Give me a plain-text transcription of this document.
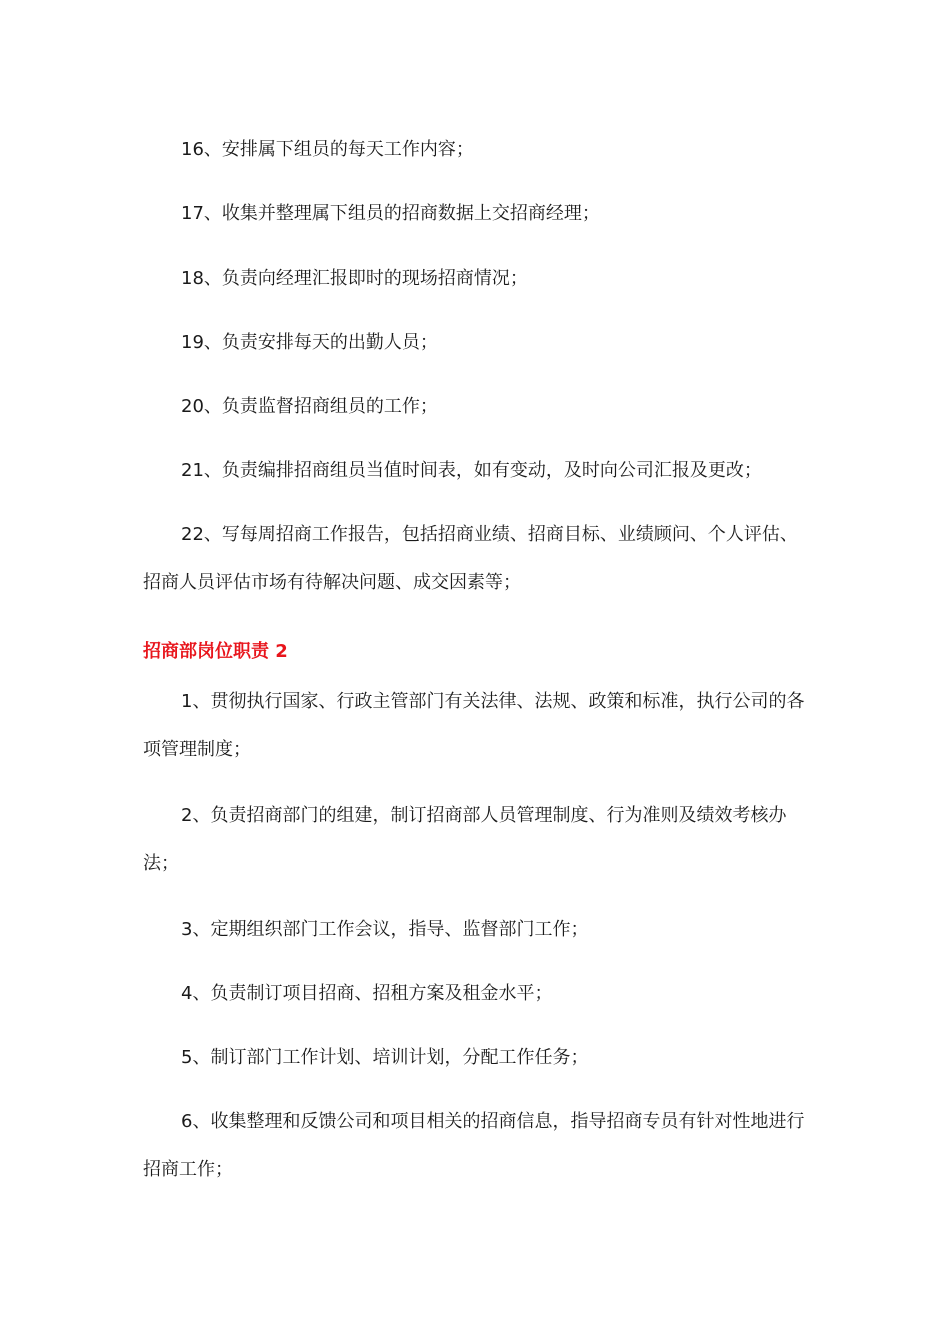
16、安排属下组员的每天工作内容；

17、收集并整理属下组员的招商数据上交招商经理；

18、负责向经理汇报即时的现场招商情况；

19、负责安排每天的出勤人员；

20、负责监督招商组员的工作；

21、负责编排招商组员当值时间表，如有变动，及时向公司汇报及更改；

22、写每周招商工作报告，包括招商业绩、招商目标、业绩顾问、个人评估、招商人员评估市场有待解决问题、成交因素等；

招商部岗位职责 2

1、贯彻执行国家、行政主管部门有关法律、法规、政策和标准，执行公司的各项管理制度；

2、负责招商部门的组建，制订招商部人员管理制度、行为准则及绩效考核办法；

3、定期组织部门工作会议，指导、监督部门工作；

4、负责制订项目招商、招租方案及租金水平；

5、制订部门工作计划、培训计划，分配工作任务；

6、收集整理和反馈公司和项目相关的招商信息，指导招商专员有针对性地进行招商工作；
